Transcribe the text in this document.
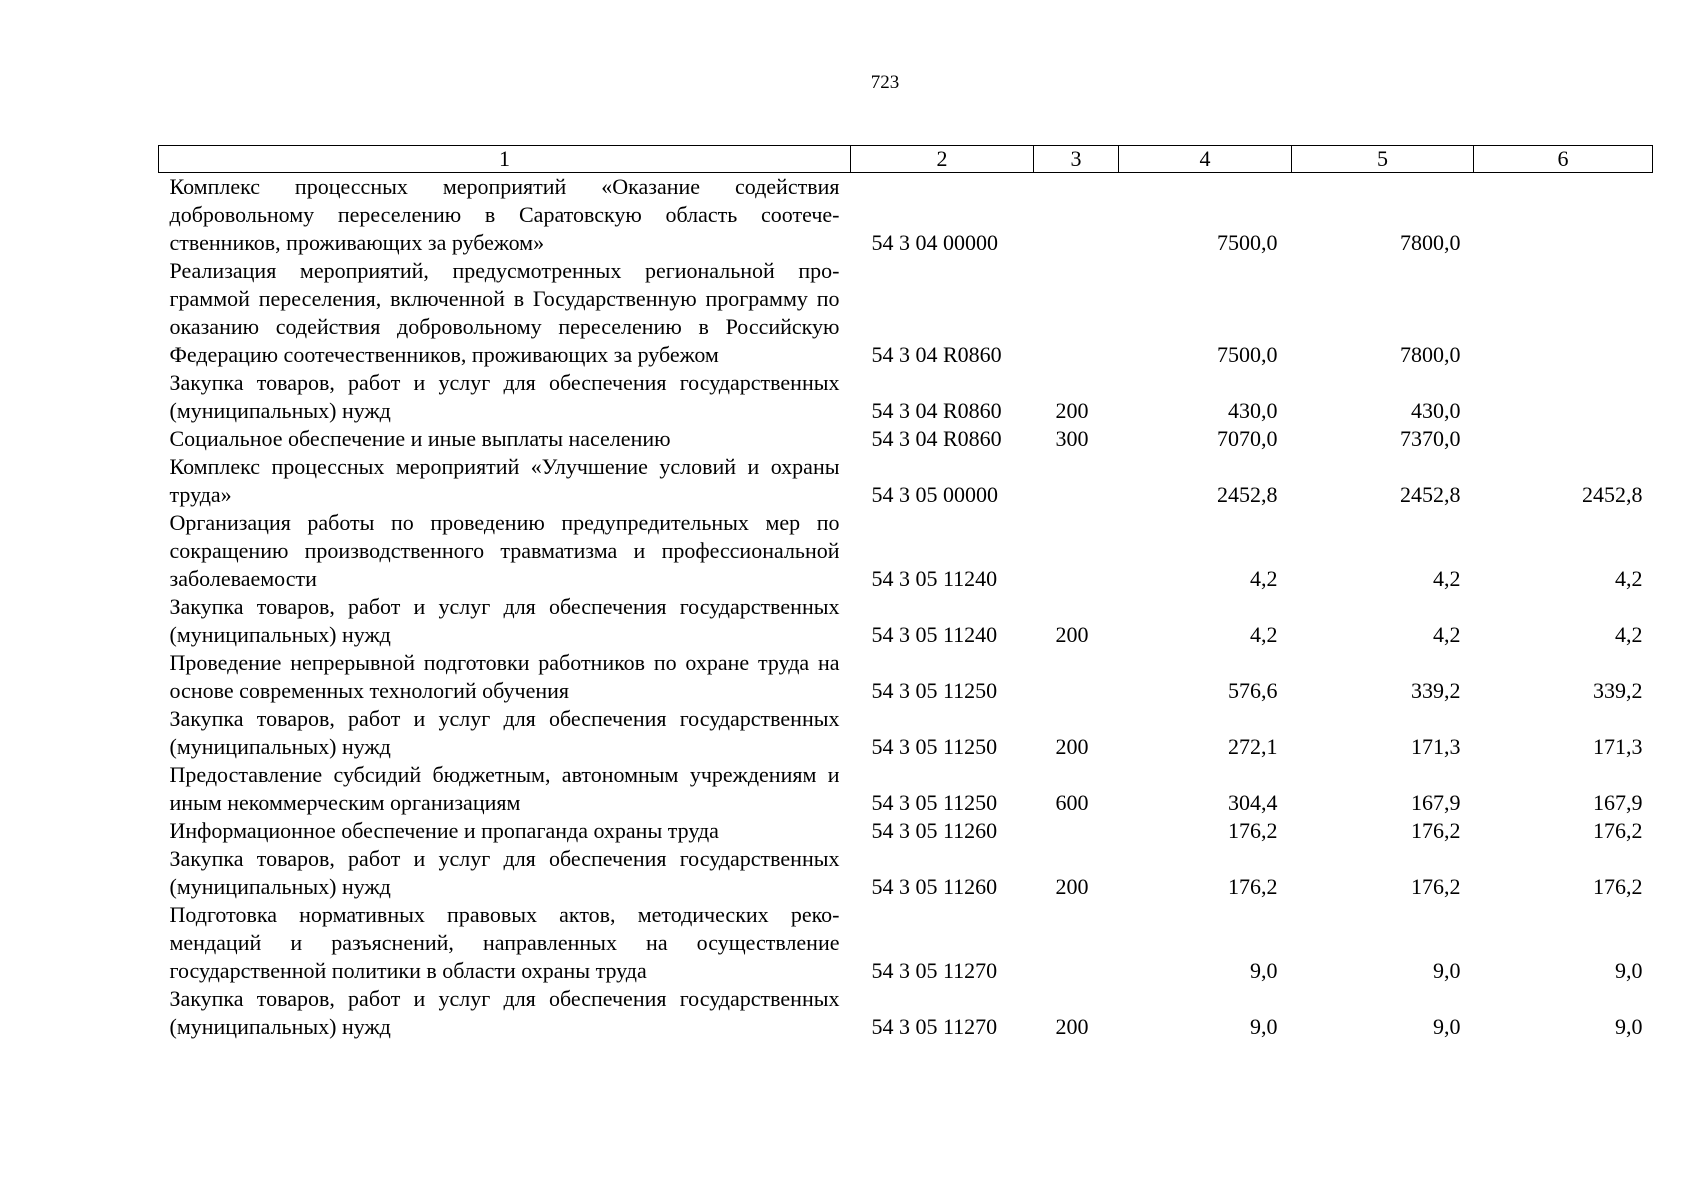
723
1	2	3	4	5	6
Комплекс процессных мероприятий «Оказание содействия добровольному переселению в Саратовскую область соотечественников, проживающих за рубежом»	54 3 04 00000		7500,0	7800,0	
Реализация мероприятий, предусмотренных региональной программой переселения, включенной в Государственную программу по оказанию содействия добровольному переселению в Российскую Федерацию соотечественников, проживающих за рубежом	54 3 04 R0860		7500,0	7800,0	
Закупка товаров, работ и услуг для обеспечения государственных (муниципальных) нужд	54 3 04 R0860	200	430,0	430,0	
Социальное обеспечение и иные выплаты населению	54 3 04 R0860	300	7070,0	7370,0	
Комплекс процессных мероприятий «Улучшение условий и охраны труда»	54 3 05 00000		2452,8	2452,8	2452,8
Организация работы по проведению предупредительных мер по сокращению производственного травматизма и профессиональной заболеваемости	54 3 05 11240		4,2	4,2	4,2
Закупка товаров, работ и услуг для обеспечения государственных (муниципальных) нужд	54 3 05 11240	200	4,2	4,2	4,2
Проведение непрерывной подготовки работников по охране труда на основе современных технологий обучения	54 3 05 11250		576,6	339,2	339,2
Закупка товаров, работ и услуг для обеспечения государственных (муниципальных) нужд	54 3 05 11250	200	272,1	171,3	171,3
Предоставление субсидий бюджетным, автономным учреждениям и иным некоммерческим организациям	54 3 05 11250	600	304,4	167,9	167,9
Информационное обеспечение и пропаганда охраны труда	54 3 05 11260		176,2	176,2	176,2
Закупка товаров, работ и услуг для обеспечения государственных (муниципальных) нужд	54 3 05 11260	200	176,2	176,2	176,2
Подготовка нормативных правовых актов, методических рекомендаций и разъяснений, направленных на осуществление государственной политики в области охраны труда	54 3 05 11270		9,0	9,0	9,0
Закупка товаров, работ и услуг для обеспечения государственных (муниципальных) нужд	54 3 05 11270	200	9,0	9,0	9,0
